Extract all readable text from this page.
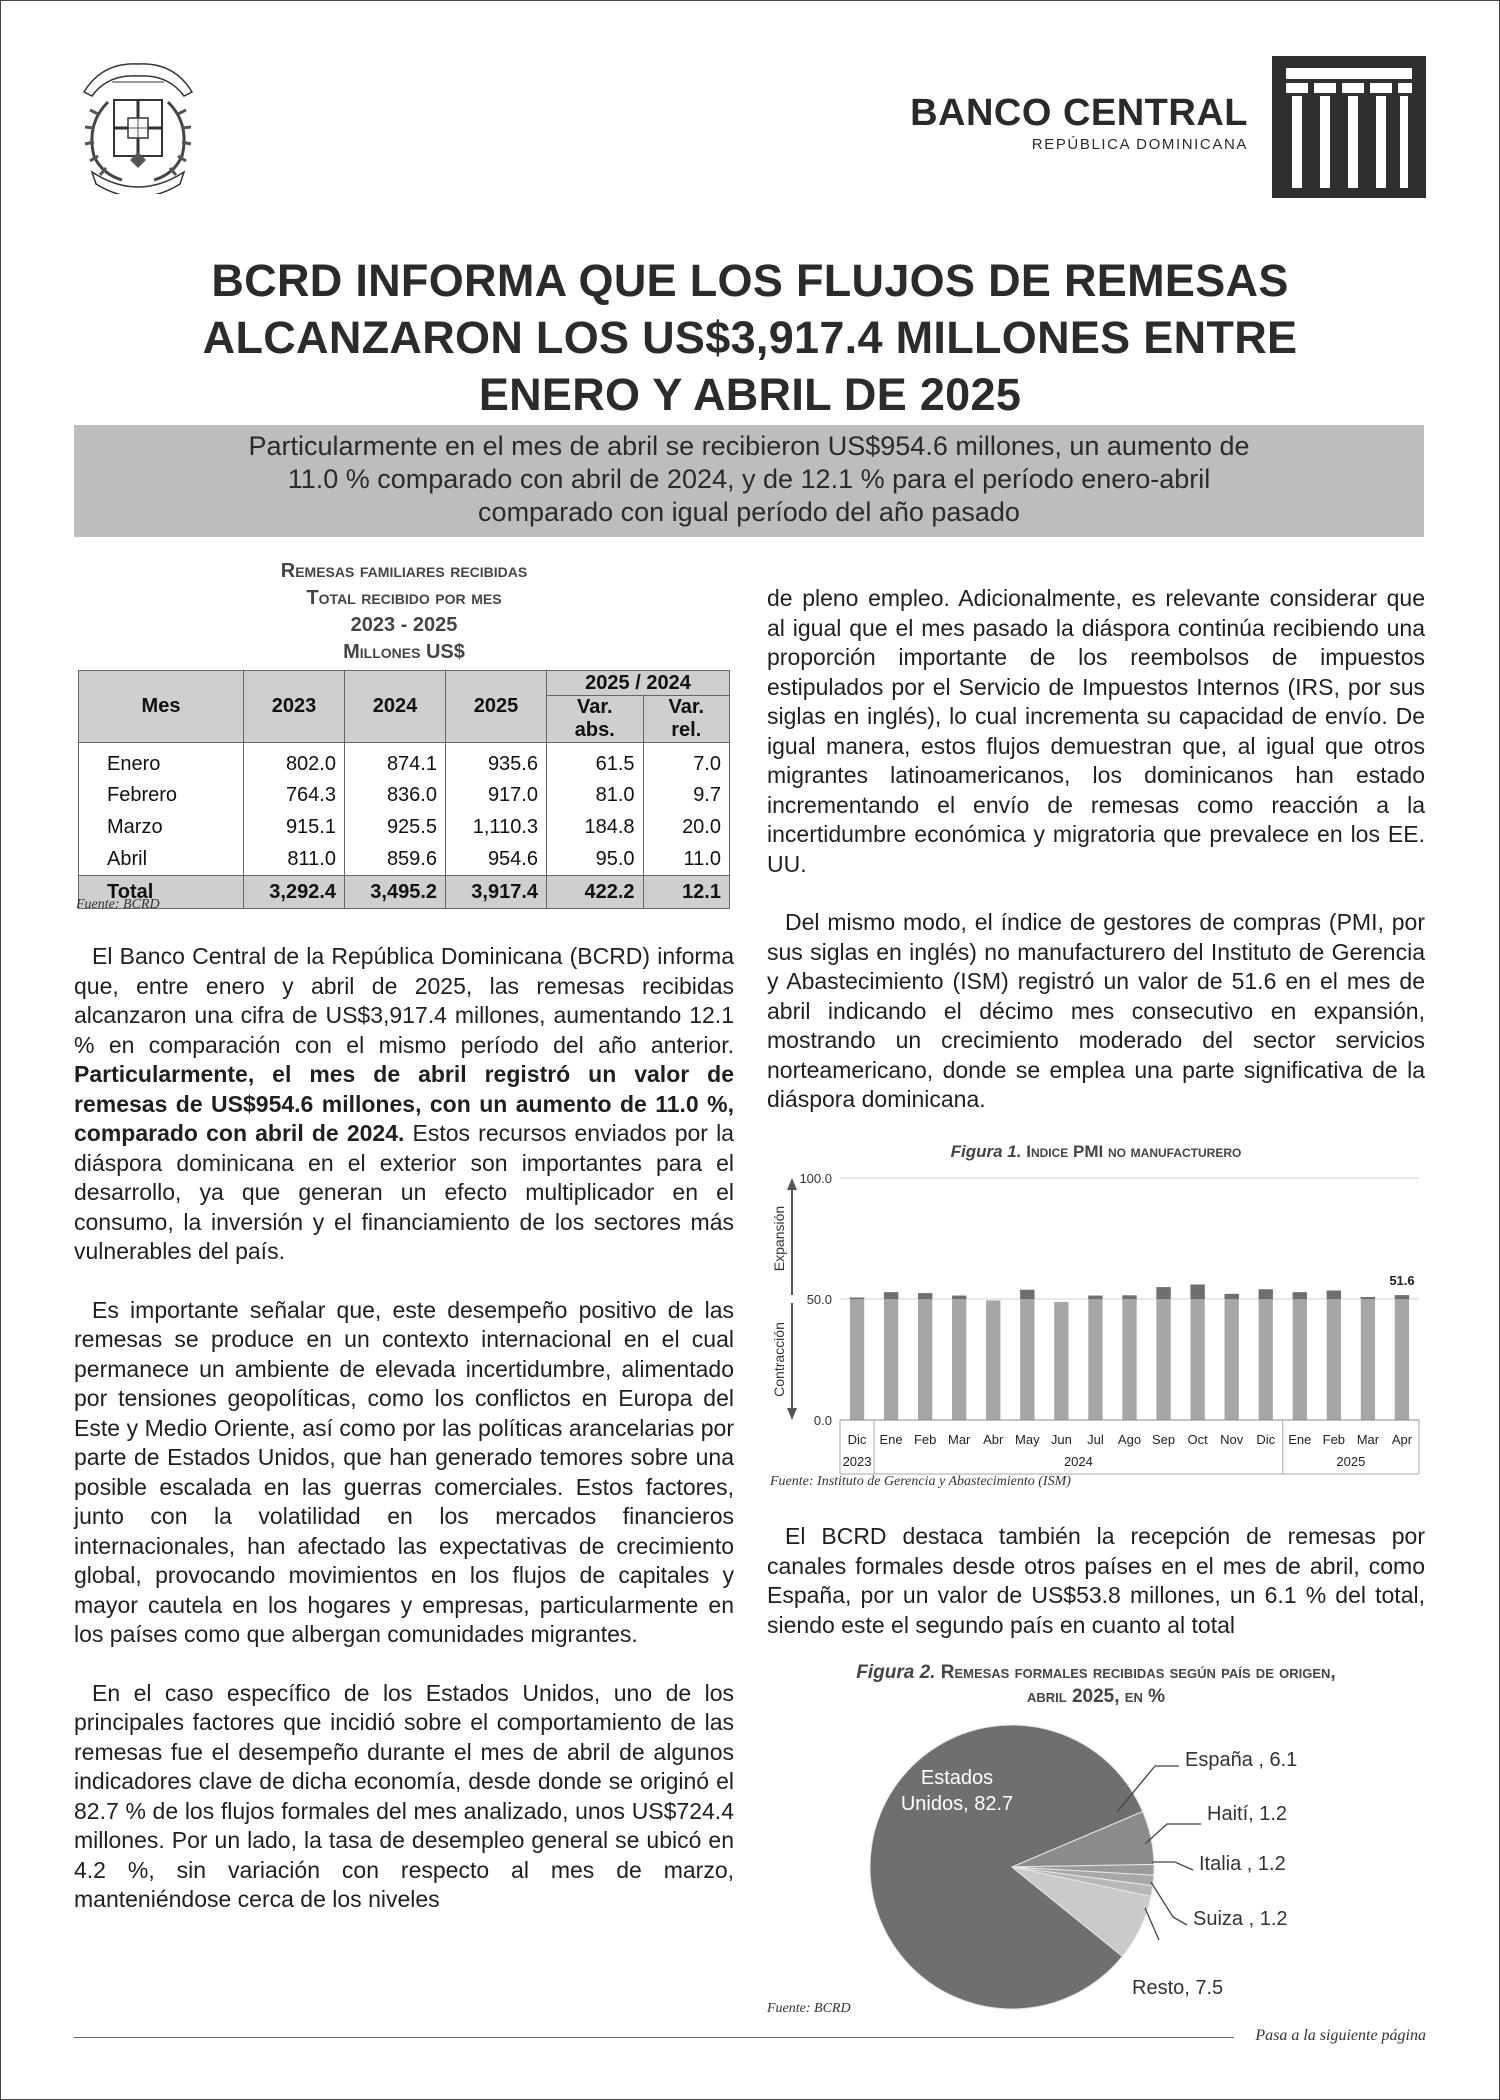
BANCO CENTRAL
REPÚBLICA DOMINICANA
BCRD INFORMA QUE LOS FLUJOS DE REMESAS
ALCANZARON LOS US$3,917.4 MILLONES ENTRE
ENERO Y ABRIL DE 2025
Particularmente en el mes de abril se recibieron US$954.6 millones, un aumento de
11.0 % comparado con abril de 2024, y de 12.1 % para el período enero-abril
comparado con igual período del año pasado
Remesas familiares recibidas
Total recibido por mes
2023 - 2025
Millones US$
Mes	2023	2024	2025	2025 / 2024	
				Var. abs.	Var. rel.
Enero	802.0	874.1	935.6	61.5	7.0
Febrero	764.3	836.0	917.0	81.0	9.7
Marzo	915.1	925.5	1,110.3	184.8	20.0
Abril	811.0	859.6	954.6	95.0	11.0
Total	3,292.4	3,495.2	3,917.4	422.2	12.1
Fuente: BCRD

El Banco Central de la República Dominicana (BCRD) informa que, entre enero y abril de 2025, las remesas recibidas alcanzaron una cifra de US$3,917.4 millones, aumentando 12.1 % en comparación con el mismo período del año anterior. Particularmente, el mes de abril registró un valor de remesas de US$954.6 millones, con un aumento de 11.0 %, comparado con abril de 2024. Estos recursos enviados por la diáspora dominicana en el exterior son importantes para el desarrollo, ya que generan un efecto multiplicador en el consumo, la inversión y el financiamiento de los sectores más vulnerables del país.

Es importante señalar que, este desempeño positivo de las remesas se produce en un contexto internacional en el cual permanece un ambiente de elevada incertidumbre, alimentado por tensiones geopolíticas, como los conflictos en Europa del Este y Medio Oriente, así como por las políticas arancelarias por parte de Estados Unidos, que han generado temores sobre una posible escalada en las guerras comerciales. Estos factores, junto con la volatilidad en los mercados financieros internacionales, han afectado las expectativas de crecimiento global, provocando movimientos en los flujos de capitales y mayor cautela en los hogares y empresas, particularmente en los países como que albergan comunidades migrantes.

En el caso específico de los Estados Unidos, uno de los principales factores que incidió sobre el comportamiento de las remesas fue el desempeño durante el mes de abril de algunos indicadores clave de dicha economía, desde donde se originó el 82.7 % de los flujos formales del mes analizado, unos US$724.4 millones. Por un lado, la tasa de desempleo general se ubicó en 4.2 %, sin variación con respecto al mes de marzo, manteniéndose cerca de los niveles

de pleno empleo. Adicionalmente, es relevante considerar que al igual que el mes pasado la diáspora continúa recibiendo una proporción importante de los reembolsos de impuestos estipulados por el Servicio de Impuestos Internos (IRS, por sus siglas en inglés), lo cual incrementa su capacidad de envío. De igual manera, estos flujos demuestran que, al igual que otros migrantes latinoamericanos, los dominicanos han estado incrementando el envío de remesas como reacción a la incertidumbre económica y migratoria que prevalece en los EE. UU.

Del mismo modo, el índice de gestores de compras (PMI, por sus siglas en inglés) no manufacturero del Instituto de Gerencia y Abastecimiento (ISM) registró un valor de 51.6 en el mes de abril indicando el décimo mes consecutivo en expansión, mostrando un crecimiento moderado del sector servicios norteamericano, donde se emplea una parte significativa de la diáspora dominicana.

Figura 1. Indice PMI no manufacturero
0.0
50.0
100.0
Expansión
Contracción
Dic Ene Feb Mar Abr May Jun Jul Ago Sep Oct Nov Dic Ene Feb Mar Apr
51.6
2023	2024	2025
Fuente: Instituto de Gerencia y Abastecimiento (ISM)

El BCRD destaca también la recepción de remesas por canales formales desde otros países en el mes de abril, como España, por un valor de US$53.8 millones, un 6.1 % del total, siendo este el segundo país en cuanto al total

Figura 2. Remesas formales recibidas según país de origen,
abril 2025, en %
Estados
Unidos, 82.7
España , 6.1
Haití, 1.2
Italia , 1.2
Suiza , 1.2
Resto, 7.5
Fuente: BCRD
Pasa a la siguiente página
